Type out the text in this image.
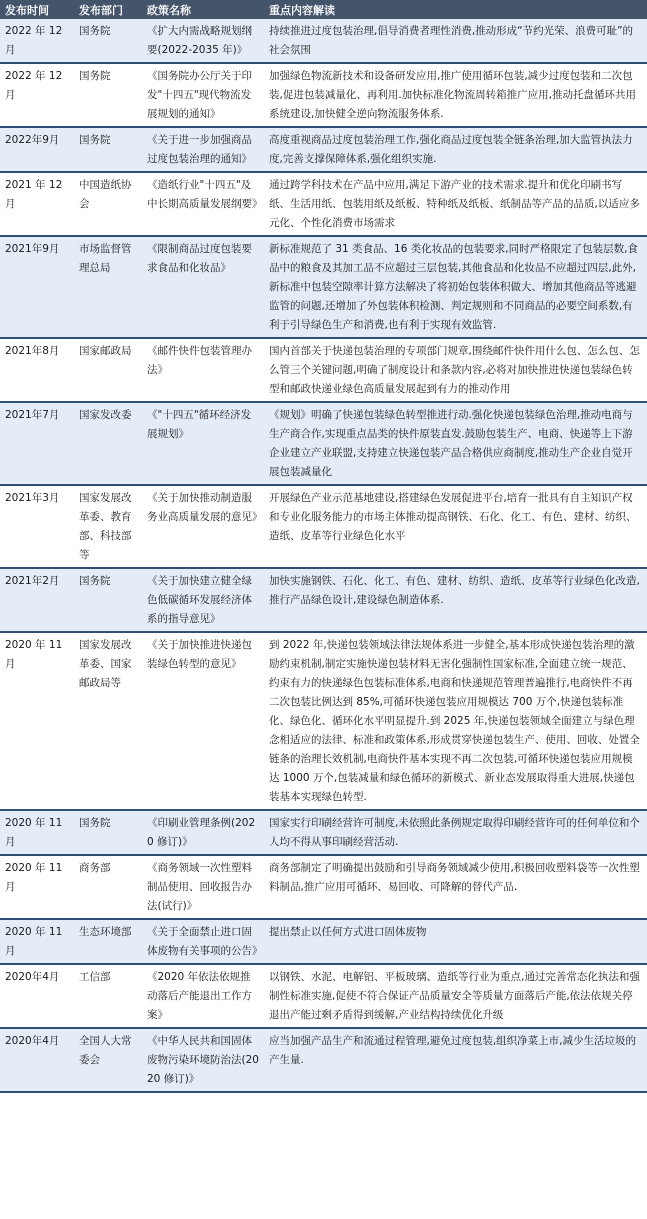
发布时间	发布部门	政策名称	重点内容解读
2022 年 12 月	国务院	《扩大内需战略规划纲要(2022-2035 年)》	持续推进过度包装治理,倡导消费者理性消费,推动形成“节约光荣、浪费可耻”的社会氛围
2022 年 12 月	国务院	《国务院办公厅关于印发"十四五"现代物流发展规划的通知》	加强绿色物流新技术和设备研发应用,推广使用循环包装,减少过度包装和二次包装,促进包装减量化、再利用.加快标准化物流周转箱推广应用,推动托盘循环共用系统建设,加快健全逆向物流服务体系.
2022年9月	国务院	《关于进一步加强商品过度包装治理的通知》	高度重视商品过度包装治理工作,强化商品过度包装全链条治理,加大监管执法力度,完善支撑保障体系,强化组织实施.
2021 年 12 月	中国造纸协会	《造纸行业"十四五"及中长期高质量发展纲要》	通过跨学科技术在产品中应用,满足下游产业的技术需求.提升和优化印刷书写纸、生活用纸、包装用纸及纸板、特种纸及纸板、纸制品等产品的品质,以适应多元化、个性化消费市场需求
2021年9月	市场监督管理总局	《限制商品过度包装要求食品和化妆品》	新标准规范了 31 类食品、16 类化妆品的包装要求,同时严格限定了包装层数,食品中的粮食及其加工品不应超过三层包装,其他食品和化妆品不应超过四层,此外,新标准中包装空隙率计算方法解决了将初始包装体积做大、增加其他商品等逃避监管的问题,还增加了外包装体积检测、判定规则和不同商品的必要空间系数,有利于引导绿色生产和消费,也有利于实现有效监管.
2021年8月	国家邮政局	《邮件快件包装管理办法》	国内首部关于快递包装治理的专项部门规章,围绕邮件快件用什么包、怎么包、怎么管三个关键问题,明确了制度设计和条款内容,必将对加快推进快递包装绿色转型和邮政快递业绿色高质量发展起到有力的推动作用
2021年7月	国家发改委	《"十四五"循环经济发展规划》	《规划》明确了快递包装绿色转型推进行动.强化快递包装绿色治理,推动电商与生产商合作,实现重点品类的快件原装直发.鼓励包装生产、电商、快递等上下游企业建立产业联盟,支持建立快递包装产品合格供应商制度,推动生产企业自觉开展包装减量化
2021年3月	国家发展改革委、教育部、科技部等	《关于加快推动制造服务业高质量发展的意见》	开展绿色产业示范基地建设,搭建绿色发展促进平台,培育一批具有自主知识产权和专业化服务能力的市场主体推动提高钢铁、石化、化工、有色、建材、纺织、造纸、皮革等行业绿色化水平
2021年2月	国务院	《关于加快建立健全绿色低碳循环发展经济体系的指导意见》	加快实施钢铁、石化、化工、有色、建材、纺织、造纸、皮革等行业绿色化改造,推行产品绿色设计,建设绿色制造体系.
2020 年 11 月	国家发展改革委、国家邮政局等	《关于加快推进快递包装绿色转型的意见》	到 2022 年,快递包装领域法律法规体系进一步健全,基本形成快递包装治理的激励约束机制,制定实施快递包装材料无害化强制性国家标准,全面建立统一规范、约束有力的快递绿色包装标准体系,电商和快递规范管理普遍推行,电商快件不再二次包装比例达到 85%,可循环快递包装应用规模达 700 万个,快递包装标准化、绿色化、循环化水平明显提升.到 2025 年,快递包装领域全面建立与绿色理念相适应的法律、标准和政策体系,形成贯穿快递包装生产、使用、回收、处置全链条的治理长效机制,电商快件基本实现不再二次包装,可循环快递包装应用规模达 1000 万个,包装减量和绿色循环的新模式、新业态发展取得重大进展,快递包装基本实现绿色转型.
2020 年 11 月	国务院	《印刷业管理条例(2020 修订)》	国家实行印刷经营许可制度,未依照此条例规定取得印刷经营许可的任何单位和个人均不得从事印刷经营活动.
2020 年 11 月	商务部	《商务领域一次性塑料制品使用、回收报告办法(试行)》	商务部制定了明确提出鼓励和引导商务领域减少使用,积极回收塑料袋等一次性塑料制品,推广应用可循环、易回收、可降解的替代产品.
2020 年 11 月	生态环境部	《关于全面禁止进口固体废物有关事项的公告》	提出禁止以任何方式进口固体废物
2020年4月	工信部	《2020 年依法依规推动落后产能退出工作方案》	以钢铁、水泥、电解铝、平板玻璃、造纸等行业为重点,通过完善常态化执法和强制性标准实施,促使不符合保证产品质量安全等质量方面落后产能,依法依规关停退出产能过剩矛盾得到缓解,产业结构持续优化升级
2020年4月	全国人大常委会	《中华人民共和国固体废物污染环境防治法(2020 修订)》	应当加强产品生产和流通过程管理,避免过度包装,组织净菜上市,减少生活垃圾的产生量.
